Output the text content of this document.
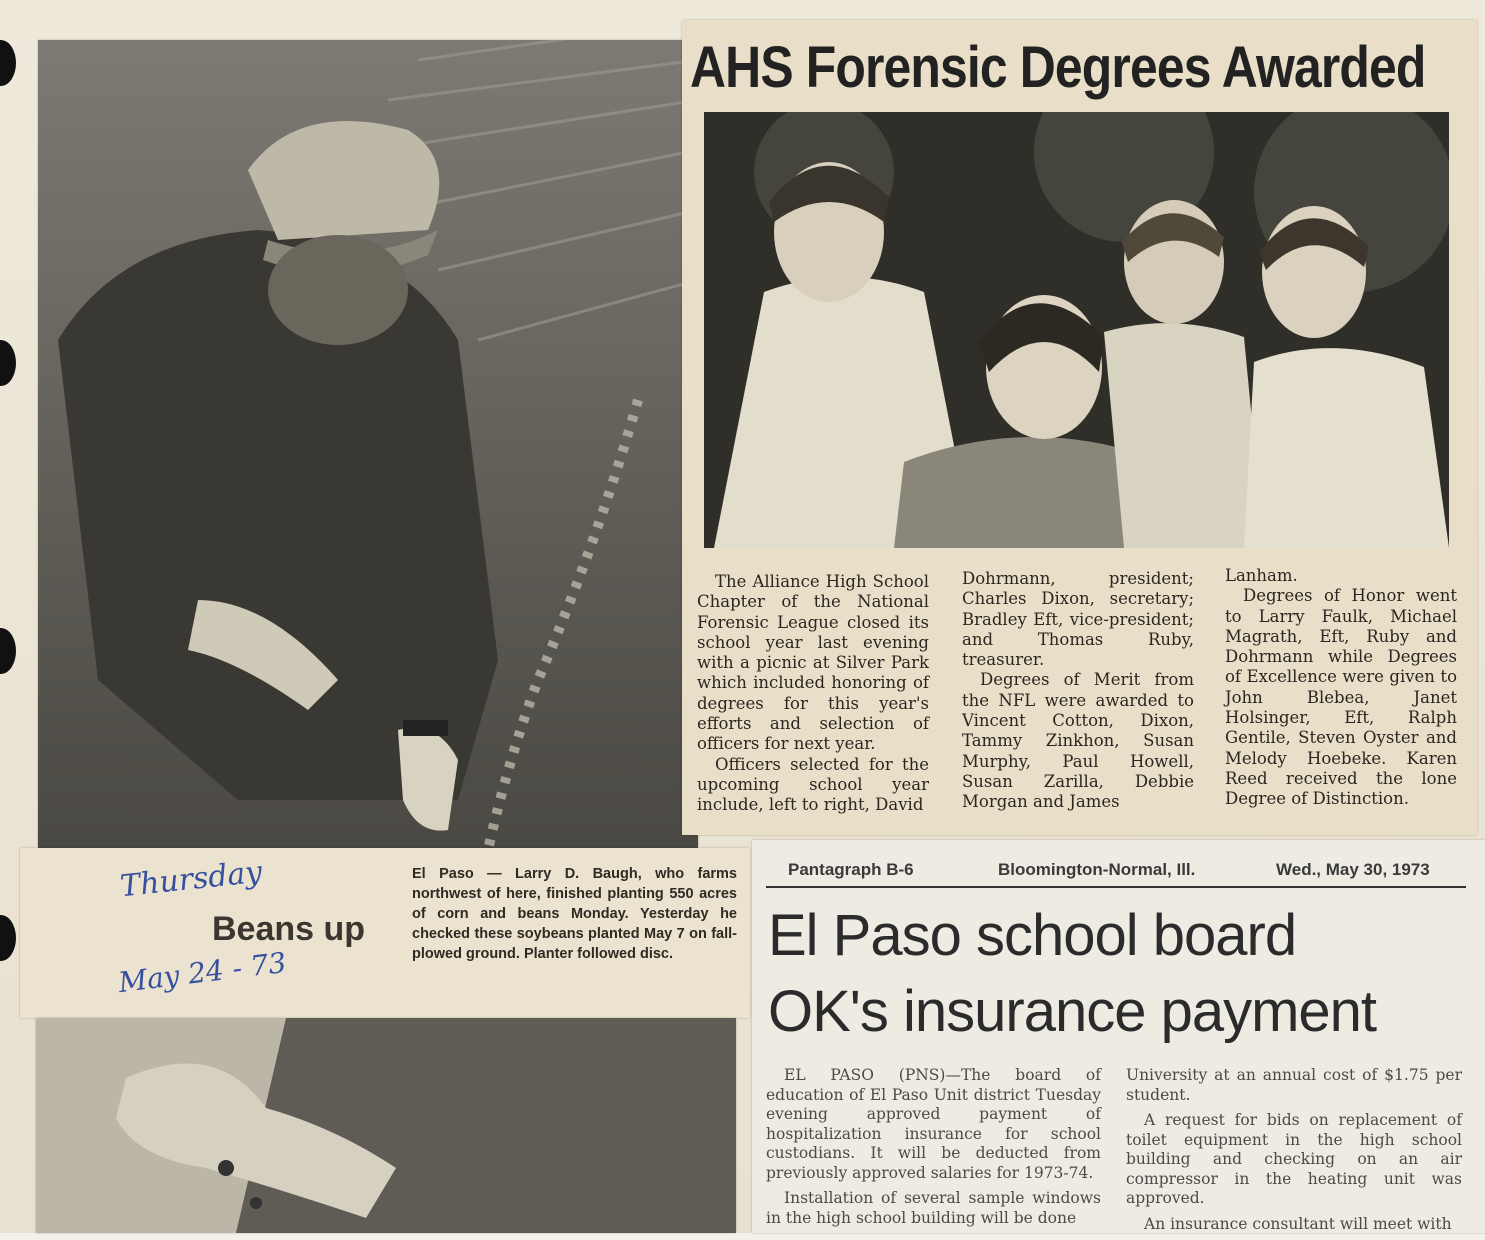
AHS Forensic Degrees Awarded

The Alliance High School Chapter of the National Forensic League closed its school year last evening with a picnic at Silver Park which included honoring of degrees for this year's efforts and selection of officers for next year.

Officers selected for the upcoming school year include, left to right, David

Dohrmann, president; Charles Dixon, secretary; Bradley Eft, vice-president; and Thomas Ruby, treasurer.

Degrees of Merit from the NFL were awarded to Vincent Cotton, Dixon, Tammy Zinkhon, Susan Murphy, Paul Howell, Susan Zarilla, Debbie Morgan and James

Lanham.

Degrees of Honor went to Larry Faulk, Michael Magrath, Eft, Ruby and Dohrmann while Degrees of Excellence were given to John Blebea, Janet Holsinger, Eft, Ralph Gentile, Steven Oyster and Melody Hoebeke. Karen Reed received the lone Degree of Distinction.

Thursday
Beans up
May 24 - 73
El Paso — Larry D. Baugh, who farms northwest of here, finished planting 550 acres of corn and beans Monday. Yesterday he checked these soybeans planted May 7 on fall-plowed ground. Planter followed disc.
Pantagraph B-6	Bloomington-Normal, Ill.	Wed., May 30, 1973
El Paso school board
OK's insurance payment

EL PASO (PNS)—The board of education of El Paso Unit district Tuesday evening approved payment of hospitalization insurance for school custodians. It will be deducted from previously approved salaries for 1973-74.

Installation of several sample windows in the high school building will be done

University at an annual cost of $1.75 per student.

A request for bids on replacement of toilet equipment in the high school building and checking on an air compressor in the heating unit was approved.

An insurance consultant will meet with
